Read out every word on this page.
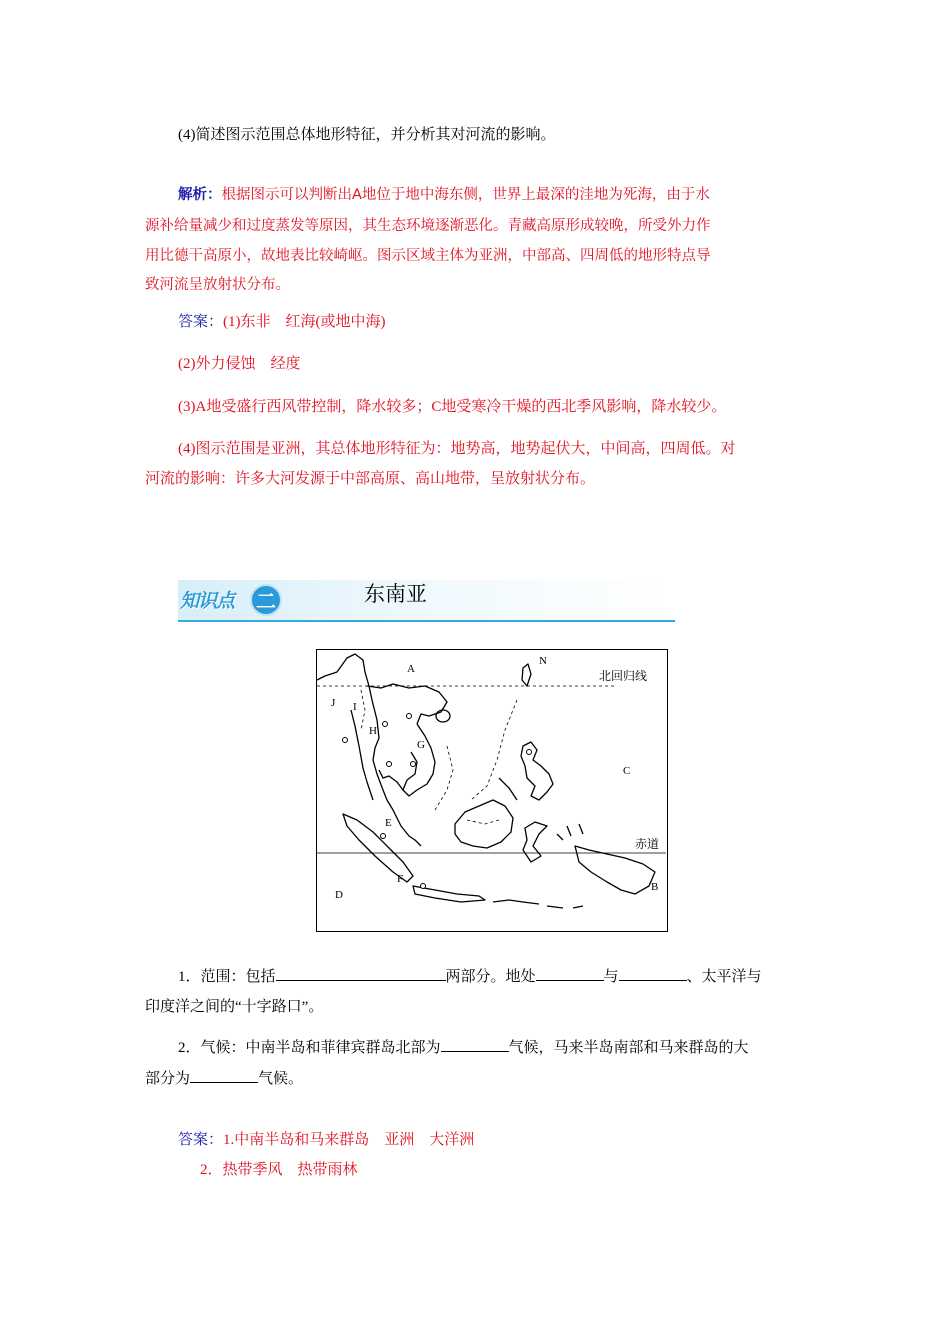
(4)简述图示范围总体地形特征，并分析其对河流的影响。
解析：根据图示可以判断出A地位于地中海东侧，世界上最深的洼地为死海，由于水
源补给量减少和过度蒸发等原因，其生态环境逐渐恶化。青藏高原形成较晚，所受外力作
用比德干高原小，故地表比较崎岖。图示区域主体为亚洲，中部高、四周低的地形特点导
致河流呈放射状分布。
答案：(1)东非　红海(或地中海)
(2)外力侵蚀　经度
(3)A地受盛行西风带控制，降水较多；C地受寒冷干燥的西北季风影响，降水较少。
(4)图示范围是亚洲，其总体地形特征为：地势高，地势起伏大，中间高，四周低。对
河流的影响：许多大河发源于中部高原、高山地带，呈放射状分布。
知识点	二	东南亚
A
N
C
B
D
E
F
G
H
I
J
北回归线
赤道
1．范围：包括	两部分。地处	与	、太平洋与
印度洋之间的“十字路口”。
2．气候：中南半岛和菲律宾群岛北部为	气候，马来半岛南部和马来群岛的大
部分为	气候。
答案：1.中南半岛和马来群岛　亚洲　大洋洲
2．热带季风　热带雨林
